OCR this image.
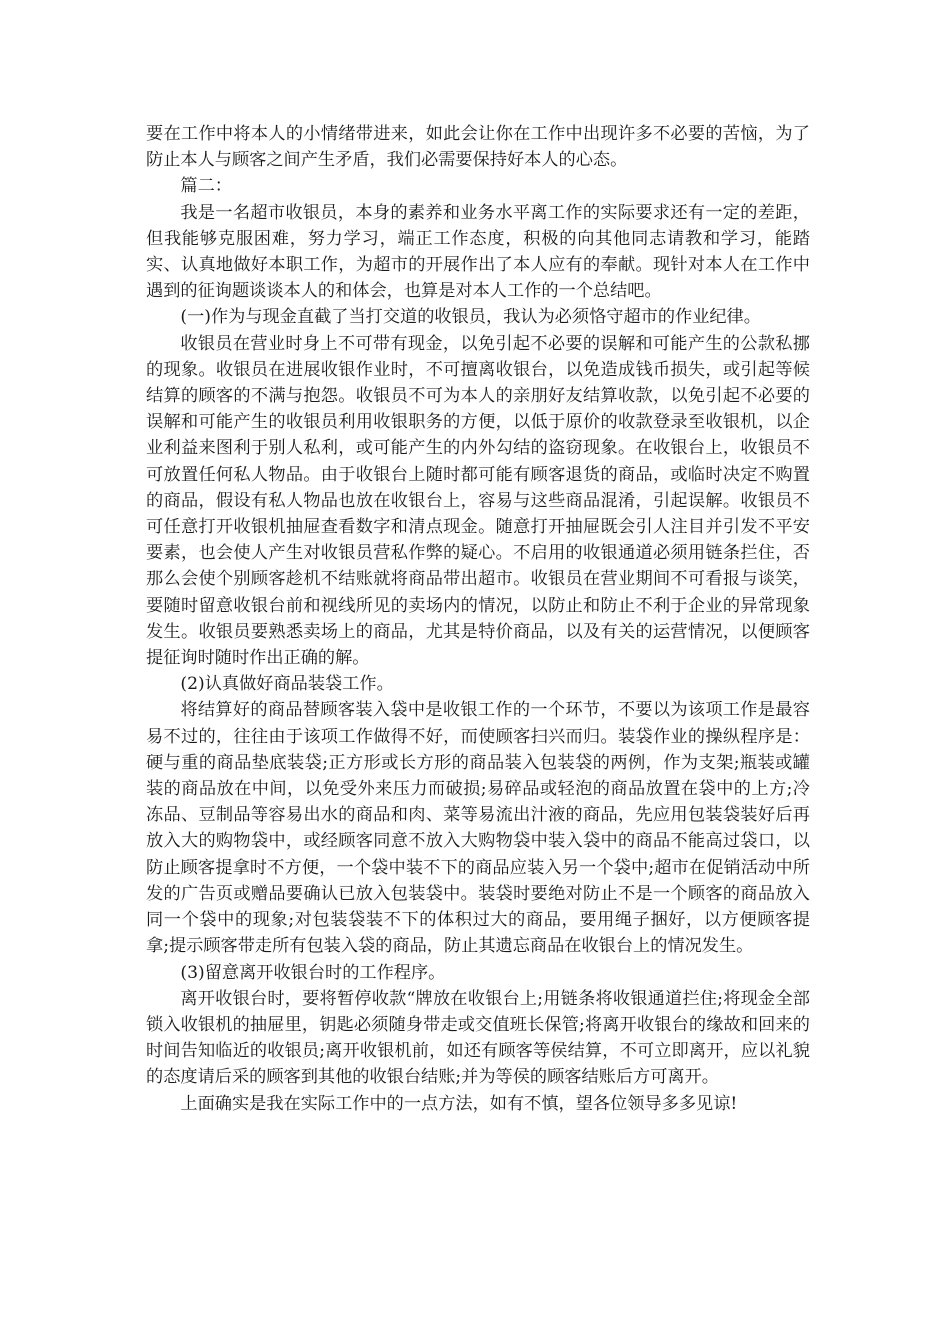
要在工作中将本人的小情绪带进来，如此会让你在工作中出现许多不必要的苦恼，为了防止本人与顾客之间产生矛盾，我们必需要保持好本人的心态。

篇二：

我是一名超市收银员，本身的素养和业务水平离工作的实际要求还有一定的差距，但我能够克服困难，努力学习，端正工作态度，积极的向其他同志请教和学习，能踏实、认真地做好本职工作，为超市的开展作出了本人应有的奉献。现针对本人在工作中遇到的征询题谈谈本人的和体会，也算是对本人工作的一个总结吧。

(一)作为与现金直截了当打交道的收银员，我认为必须恪守超市的作业纪律。

收银员在营业时身上不可带有现金，以免引起不必要的误解和可能产生的公款私挪的现象。收银员在进展收银作业时，不可擅离收银台，以免造成钱币损失，或引起等候结算的顾客的不满与抱怨。收银员不可为本人的亲朋好友结算收款，以免引起不必要的误解和可能产生的收银员利用收银职务的方便，以低于原价的收款登录至收银机，以企业利益来图利于别人私利，或可能产生的内外勾结的盗窃现象。在收银台上，收银员不可放置任何私人物品。由于收银台上随时都可能有顾客退货的商品，或临时决定不购置的商品，假设有私人物品也放在收银台上，容易与这些商品混淆，引起误解。收银员不可任意打开收银机抽屉查看数字和清点现金。随意打开抽屉既会引人注目并引发不平安要素，也会使人产生对收银员营私作弊的疑心。不启用的收银通道必须用链条拦住，否那么会使个别顾客趁机不结账就将商品带出超市。收银员在营业期间不可看报与谈笑，要随时留意收银台前和视线所见的卖场内的情况，以防止和防止不利于企业的异常现象发生。收银员要熟悉卖场上的商品，尤其是特价商品，以及有关的运营情况，以便顾客提征询时随时作出正确的解。

(2)认真做好商品装袋工作。

将结算好的商品替顾客装入袋中是收银工作的一个环节，不要以为该项工作是最容易不过的，往往由于该项工作做得不好，而使顾客扫兴而归。装袋作业的操纵程序是：硬与重的商品垫底装袋;正方形或长方形的商品装入包装袋的两例，作为支架;瓶装或罐装的商品放在中间，以免受外来压力而破损;易碎品或轻泡的商品放置在袋中的上方;冷冻品、豆制品等容易出水的商品和肉、菜等易流出汁液的商品，先应用包装袋装好后再放入大的购物袋中，或经顾客同意不放入大购物袋中装入袋中的商品不能高过袋口，以防止顾客提拿时不方便，一个袋中装不下的商品应装入另一个袋中;超市在促销活动中所发的广告页或赠品要确认已放入包装袋中。装袋时要绝对防止不是一个顾客的商品放入同一个袋中的现象;对包装袋装不下的体积过大的商品，要用绳子捆好，以方便顾客提拿;提示顾客带走所有包装入袋的商品，防止其遗忘商品在收银台上的情况发生。

(3)留意离开收银台时的工作程序。

离开收银台时，要将暂停收款“牌放在收银台上;用链条将收银通道拦住;将现金全部锁入收银机的抽屉里，钥匙必须随身带走或交值班长保管;将离开收银台的缘故和回来的时间告知临近的收银员;离开收银机前，如还有顾客等侯结算，不可立即离开，应以礼貌的态度请后采的顾客到其他的收银台结账;并为等侯的顾客结账后方可离开。

上面确实是我在实际工作中的一点方法，如有不慎，望各位领导多多见谅!
